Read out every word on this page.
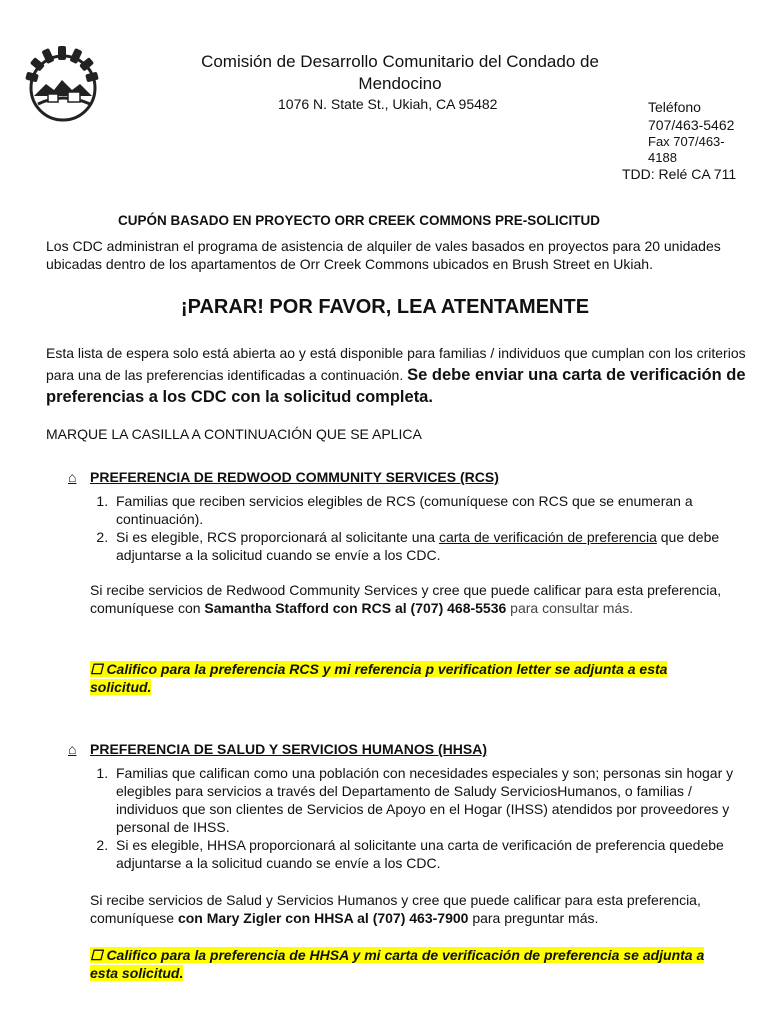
Comisión de Desarrollo Comunitario del Condado de
Mendocino
1076 N. State St., Ukiah, CA 95482	Teléfono
707/463-5462
Fax 707/463-
4188
TDD: Relé CA 711
CUPÓN BASADO EN PROYECTO ORR CREEK COMMONS PRE-SOLICITUD
Los CDC administran el programa de asistencia de alquiler de vales basados en proyectos para 20 unidades ubicadas dentro de los apartamentos de Orr Creek Commons ubicados en Brush Street en Ukiah.
¡PARAR! POR FAVOR, LEA ATENTAMENTE
Esta lista de espera solo está abierta ao y está disponible para familias / individuos que cumplan con los criterios para una de las preferencias identificadas a continuación. Se debe enviar una carta de verificación de preferencias a los CDC con la solicitud completa.
MARQUE LA CASILLA A CONTINUACIÓN QUE SE APLICA
⌂ PREFERENCIA DE REDWOOD COMMUNITY SERVICES (RCS)
1. Familias que reciben servicios elegibles de RCS (comuníquese con RCS que se enumeran a continuación).
2. Si es elegible, RCS proporcionará al solicitante una carta de verificación de preferencia que debe adjuntarse a la solicitud cuando se envíe a los CDC.
Si recibe servicios de Redwood Community Services y cree que puede calificar para esta preferencia, comuníquese con Samantha Stafford con RCS al (707) 468-5536 para consultar más.
☐ Califico para la preferencia RCS y mi referencia p verification letter se adjunta a esta solicitud.
⌂ PREFERENCIA DE SALUD Y SERVICIOS HUMANOS (HHSA)
1. Familias que califican como una población con necesidades especiales y son; personas sin hogar y elegibles para servicios a través del Departamento de Saludy ServiciosHumanos, o familias / individuos que son clientes de Servicios de Apoyo en el Hogar (IHSS) atendidos por proveedores y personal de IHSS.
2. Si es elegible, HHSA proporcionará al solicitante una carta de verificación de preferencia quedebe adjuntarse a la solicitud cuando se envíe a los CDC.
Si recibe servicios de Salud y Servicios Humanos y cree que puede calificar para esta preferencia, comuníquese con Mary Zigler con HHSA al (707) 463-7900 para preguntar más.
☐ Califico para la preferencia de HHSA y mi carta de verificación de preferencia se adjunta a esta solicitud.
